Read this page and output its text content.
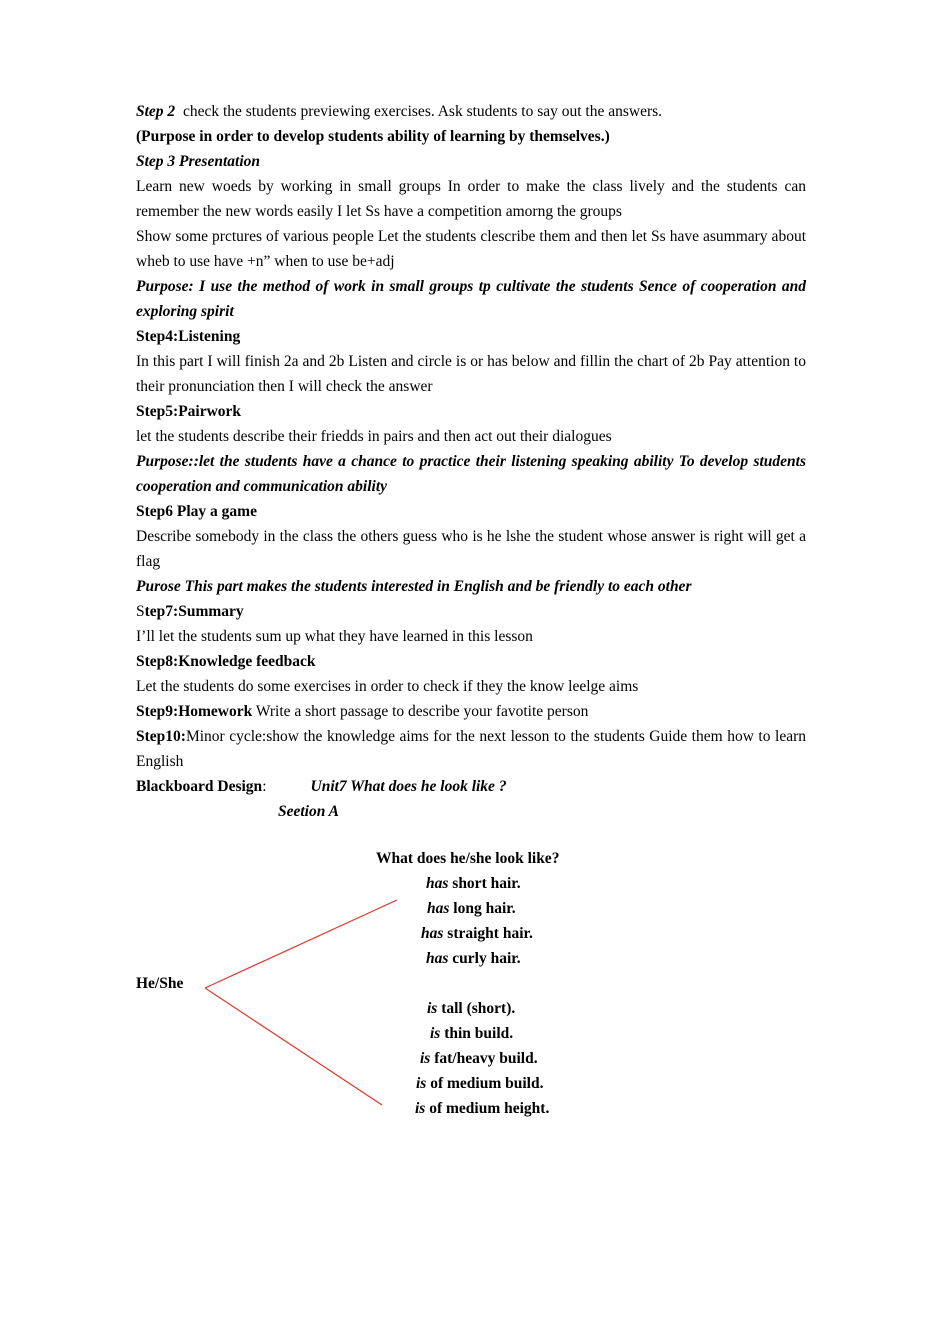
Step 2 check the students previewing exercises. Ask students to say out the answers.

(Purpose in order to develop students ability of learning by themselves.)

Step 3 Presentation

Learn new woeds by working in small groups In order to make the class lively and the students can remember the new words easily I let Ss have a competition amorng the groups

Show some prctures of various people Let the students clescribe them and then let Ss have asummary about wheb to use have +n” when to use be+adj

Purpose: I use the method of work in small groups tp cultivate the students Sence of cooperation and exploring spirit

Step4:Listening

In this part I will finish 2a and 2b Listen and circle is or has below and fillin the chart of 2b Pay attention to their pronunciation then I will check the answer

Step5:Pairwork

let the students describe their friedds in pairs and then act out their dialogues

Purpose::let the students have a chance to practice their listening speaking ability To develop students cooperation and communication ability

Step6 Play a game

Describe somebody in the class the others guess who is he lshe the student whose answer is right will get a flag

Purose This part makes the students interested in English and be friendly to each other

Step7:Summary

I’ll let the students sum up what they have learned in this lesson

Step8:Knowledge feedback

Let the students do some exercises in order to check if they the know leelge aims

Step9:Homework Write a short passage to describe your favotite person

Step10:Minor cycle:show the knowledge aims for the next lesson to the students Guide them how to learn English

Blackboard Design:	Unit7 What does he look like ?

Seetion A

What does he/she look like?
has short hair.
has long hair.
has straight hair.
has curly hair.
He/She
is tall (short).
is thin build.
is fat/heavy build.
is of medium build.
is of medium height.
